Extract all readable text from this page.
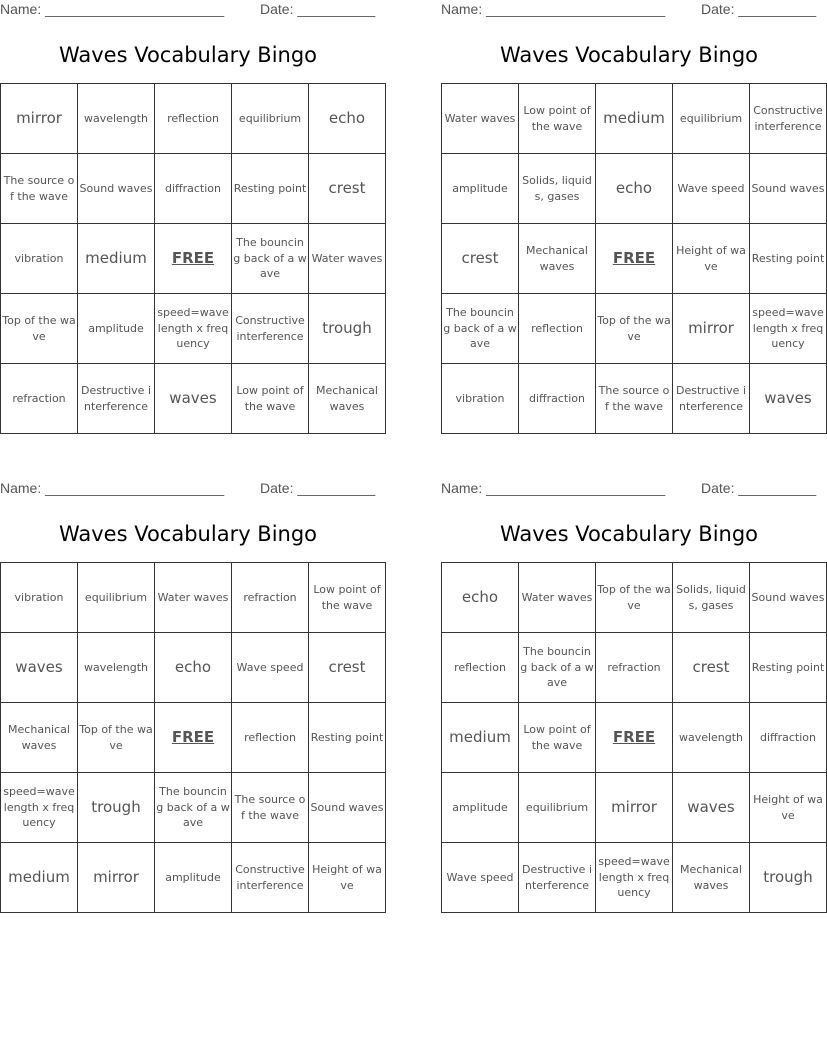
Name: _______________________	Date: __________
Waves Vocabulary Bingo
mirror	wavelength	reflection	equilibrium	echo
The source of the wave	Sound waves	diffraction	Resting point	crest
vibration	medium	FREE	The bouncing back of a wave	Water waves
Top of the wave	amplitude	speed=wavelength x frequency	Constructive interference	trough
refraction	Destructive interference	waves	Low point of the wave	Mechanical waves
Name: _______________________	Date: __________
Waves Vocabulary Bingo
Water waves	Low point of the wave	medium	equilibrium	Constructive interference
amplitude	Solids, liquids, gases	echo	Wave speed	Sound waves
crest	Mechanical waves	FREE	Height of wave	Resting point
The bouncing back of a wave	reflection	Top of the wave	mirror	speed=wavelength x frequency
vibration	diffraction	The source of the wave	Destructive interference	waves
Name: _______________________	Date: __________
Waves Vocabulary Bingo
vibration	equilibrium	Water waves	refraction	Low point of the wave
waves	wavelength	echo	Wave speed	crest
Mechanical waves	Top of the wave	FREE	reflection	Resting point
speed=wavelength x frequency	trough	The bouncing back of a wave	The source of the wave	Sound waves
medium	mirror	amplitude	Constructive interference	Height of wave
Name: _______________________	Date: __________
Waves Vocabulary Bingo
echo	Water waves	Top of the wave	Solids, liquids, gases	Sound waves
reflection	The bouncing back of a wave	refraction	crest	Resting point
medium	Low point of the wave	FREE	wavelength	diffraction
amplitude	equilibrium	mirror	waves	Height of wave
Wave speed	Destructive interference	speed=wavelength x frequency	Mechanical waves	trough
